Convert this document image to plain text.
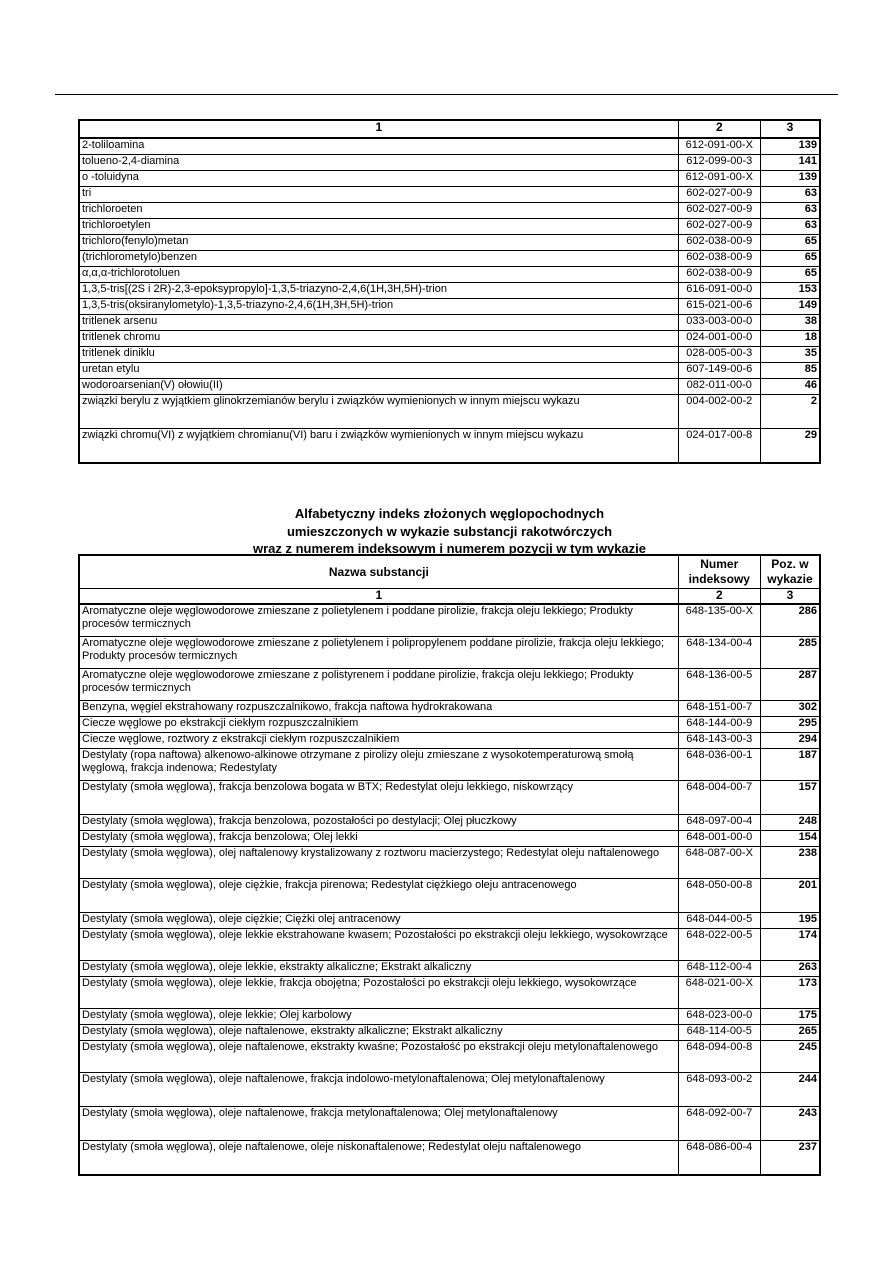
1	2	3
2-toliloamina	612-091-00-X	139
tolueno-2,4-diamina	612-099-00-3	141
o -toluidyna	612-091-00-X	139
tri	602-027-00-9	63
trichloroeten	602-027-00-9	63
trichloroetylen	602-027-00-9	63
trichloro(fenylo)metan	602-038-00-9	65
(trichlorometylo)benzen	602-038-00-9	65
α,α,α-trichlorotoluen	602-038-00-9	65
1,3,5-tris[(2S i 2R)-2,3-epoksypropylo]-1,3,5-triazyno-2,4,6(1H,3H,5H)-trion	616-091-00-0	153
1,3,5-tris(oksiranylometylo)-1,3,5-triazyno-2,4,6(1H,3H,5H)-trion	615-021-00-6	149
tritlenek arsenu	033-003-00-0	38
tritlenek chromu	024-001-00-0	18
tritlenek diniklu	028-005-00-3	35
uretan etylu	607-149-00-6	85
wodoroarsenian(V) ołowiu(II)	082-011-00-0	46
związki berylu z wyjątkiem glinokrzemianów berylu i związków wymienionych w innym miejscu wykazu	004-002-00-2	2
związki chromu(VI) z wyjątkiem chromianu(VI) baru i związków wymienionych w innym miejscu wykazu	024-017-00-8	29
Alfabetyczny indeks złożonych węglopochodnych
umieszczonych w wykazie substancji rakotwórczych
wraz z numerem indeksowym i numerem pozycji w tym wykazie
Nazwa substancji	Numer indeksowy	Poz. w wykazie
1	2	3
Aromatyczne oleje węglowodorowe zmieszane z polietylenem i poddane pirolizie, frakcja oleju lekkiego; Produkty procesów termicznych	648-135-00-X	286
Aromatyczne oleje węglowodorowe zmieszane z polietylenem i polipropylenem poddane pirolizie, frakcja oleju lekkiego; Produkty procesów termicznych	648-134-00-4	285
Aromatyczne oleje węglowodorowe zmieszane z polistyrenem i poddane pirolizie, frakcja oleju lekkiego; Produkty procesów termicznych	648-136-00-5	287
Benzyna, węgiel ekstrahowany rozpuszczalnikowo, frakcja naftowa hydrokrakowana	648-151-00-7	302
Ciecze węglowe po ekstrakcji ciekłym rozpuszczalnikiem	648-144-00-9	295
Ciecze węglowe, roztwory z ekstrakcji ciekłym rozpuszczalnikiem	648-143-00-3	294
Destylaty (ropa naftowa) alkenowo-alkinowe otrzymane z pirolizy oleju zmieszane z wysokotemperaturową smołą węglową, frakcja indenowa; Redestylaty	648-036-00-1	187
Destylaty (smoła węglowa), frakcja benzolowa bogata w BTX; Redestylat oleju lekkiego, niskowrzący	648-004-00-7	157
Destylaty (smoła węglowa), frakcja benzolowa, pozostałości po destylacji; Olej płuczkowy	648-097-00-4	248
Destylaty (smoła węglowa), frakcja benzolowa; Olej lekki	648-001-00-0	154
Destylaty (smoła węglowa), olej naftalenowy krystalizowany z roztworu macierzystego; Redestylat oleju naftalenowego	648-087-00-X	238
Destylaty (smoła węglowa), oleje ciężkie, frakcja pirenowa; Redestylat ciężkiego oleju antracenowego	648-050-00-8	201
Destylaty (smoła węglowa), oleje ciężkie; Ciężki olej antracenowy	648-044-00-5	195
Destylaty (smoła węglowa), oleje lekkie ekstrahowane kwasem; Pozostałości po ekstrakcji oleju lekkiego, wysokowrzące	648-022-00-5	174
Destylaty (smoła węglowa), oleje lekkie, ekstrakty alkaliczne; Ekstrakt alkaliczny	648-112-00-4	263
Destylaty (smoła węglowa), oleje lekkie, frakcja obojętna; Pozostałości po ekstrakcji oleju lekkiego, wysokowrzące	648-021-00-X	173
Destylaty (smoła węglowa), oleje lekkie; Olej karbolowy	648-023-00-0	175
Destylaty (smoła węglowa), oleje naftalenowe, ekstrakty alkaliczne; Ekstrakt alkaliczny	648-114-00-5	265
Destylaty (smoła węglowa), oleje naftalenowe, ekstrakty kwaśne; Pozostałość po ekstrakcji oleju metylonaftalenowego	648-094-00-8	245
Destylaty (smoła węglowa), oleje naftalenowe, frakcja indolowo-metylonaftalenowa; Olej metylonaftalenowy	648-093-00-2	244
Destylaty (smoła węglowa), oleje naftalenowe, frakcja metylonaftalenowa; Olej metylonaftalenowy	648-092-00-7	243
Destylaty (smoła węglowa), oleje naftalenowe, oleje niskonaftalenowe; Redestylat oleju naftalenowego	648-086-00-4	237
